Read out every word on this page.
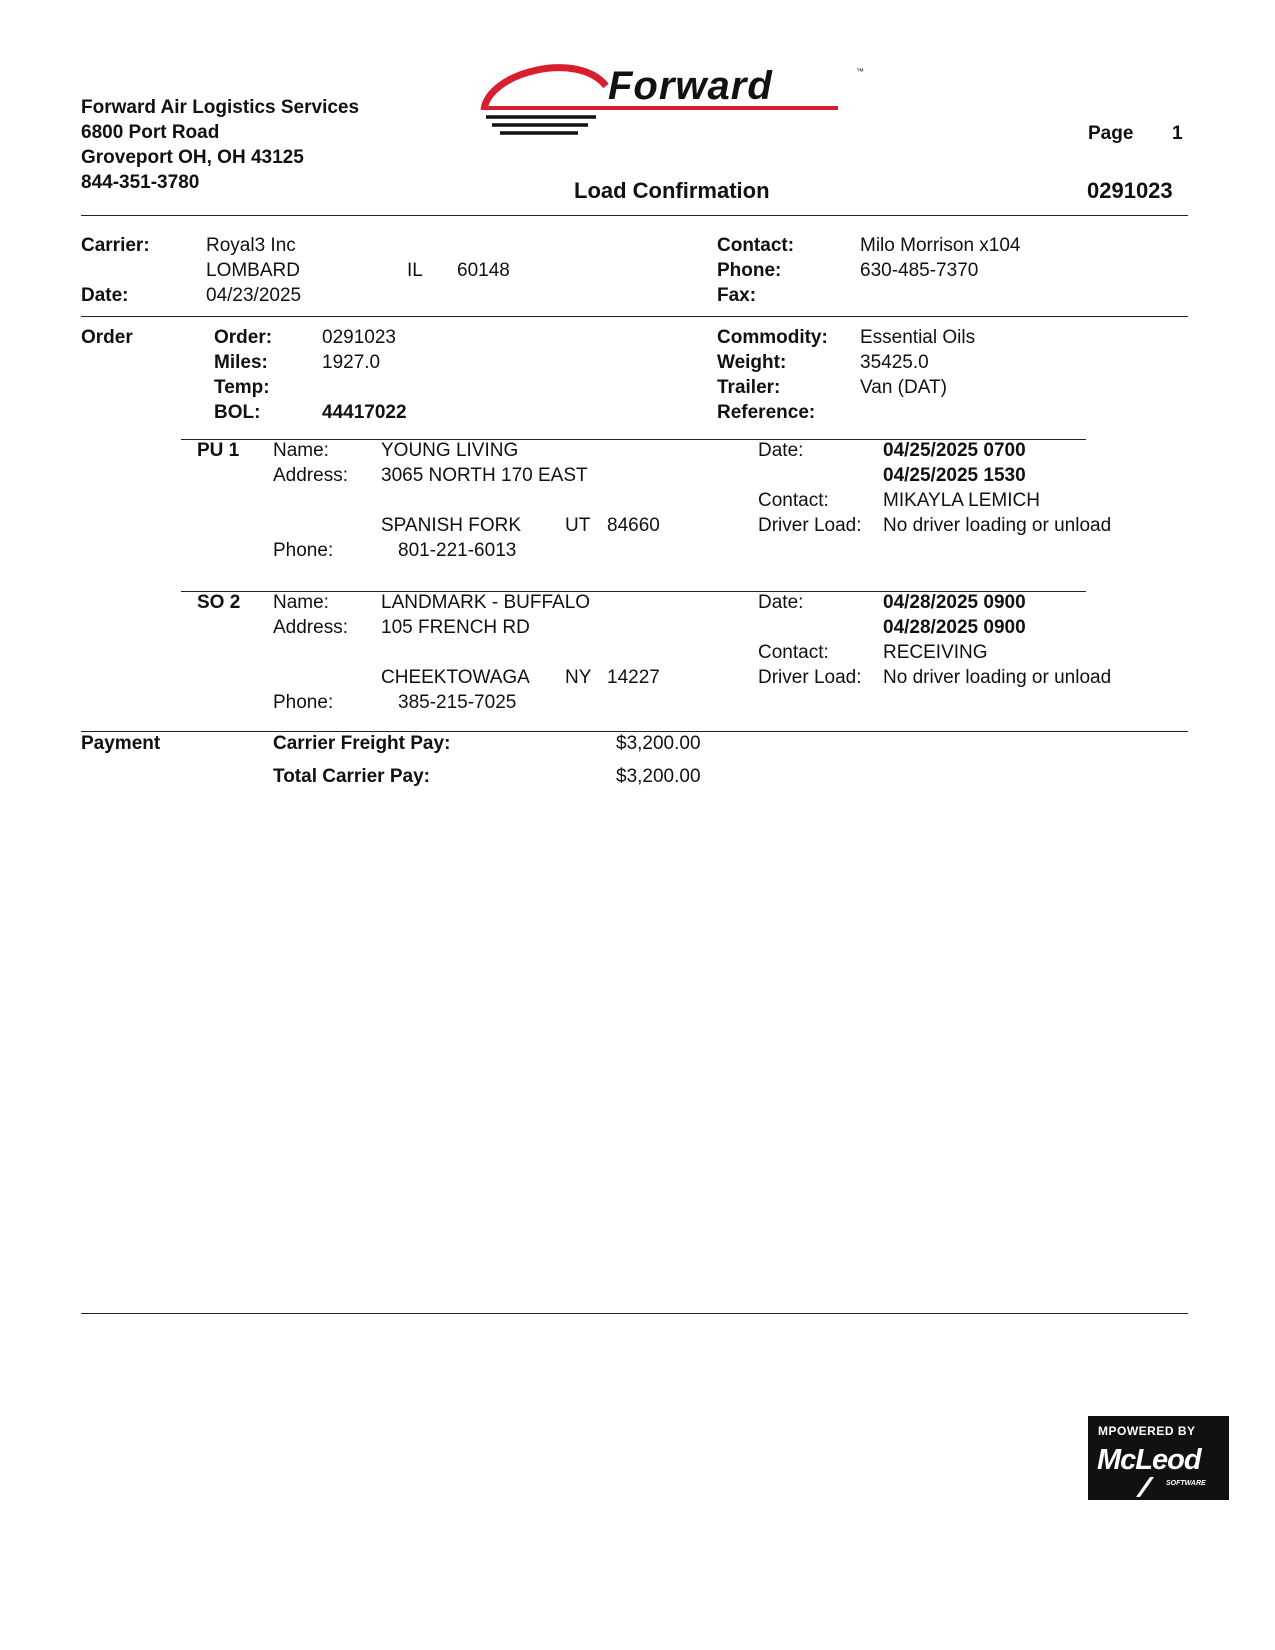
Forward Air Logistics Services
6800 Port Road
Groveport OH, OH 43125
844-351-3780
Forward	™
Page 1
Load Confirmation	0291023
Carrier:	Royal3 Inc
LOMBARD	IL 60148
Date:	04/23/2025
Contact:	Milo Morrison x104
Phone:	630-485-7370
Fax:
Order	Order:	0291023
Miles:	1927.0
Temp:
BOL:	44417022
Commodity: Essential Oils
Weight:	35425.0
Trailer:	Van (DAT)
Reference:
PU 1 Name:	YOUNG LIVING
Address: 3065 NORTH 170 EAST
SPANISH FORK UT 84660
Phone:	801-221-6013
Date:	04/25/2025 0700
04/25/2025 1530
Contact:	MIKAYLA LEMICH
Driver Load: No driver loading or unload
SO 2 Name:	LANDMARK - BUFFALO
Address: 105 FRENCH RD
CHEEKTOWAGA NY 14227
Phone:	385-215-7025
Date:	04/28/2025 0900
04/28/2025 0900
Contact:	RECEIVING
Driver Load: No driver loading or unload
Payment	Carrier Freight Pay:	$3,200.00
Total Carrier Pay:	$3,200.00
MPOWERED BY
McLeod
SOFTWARE
